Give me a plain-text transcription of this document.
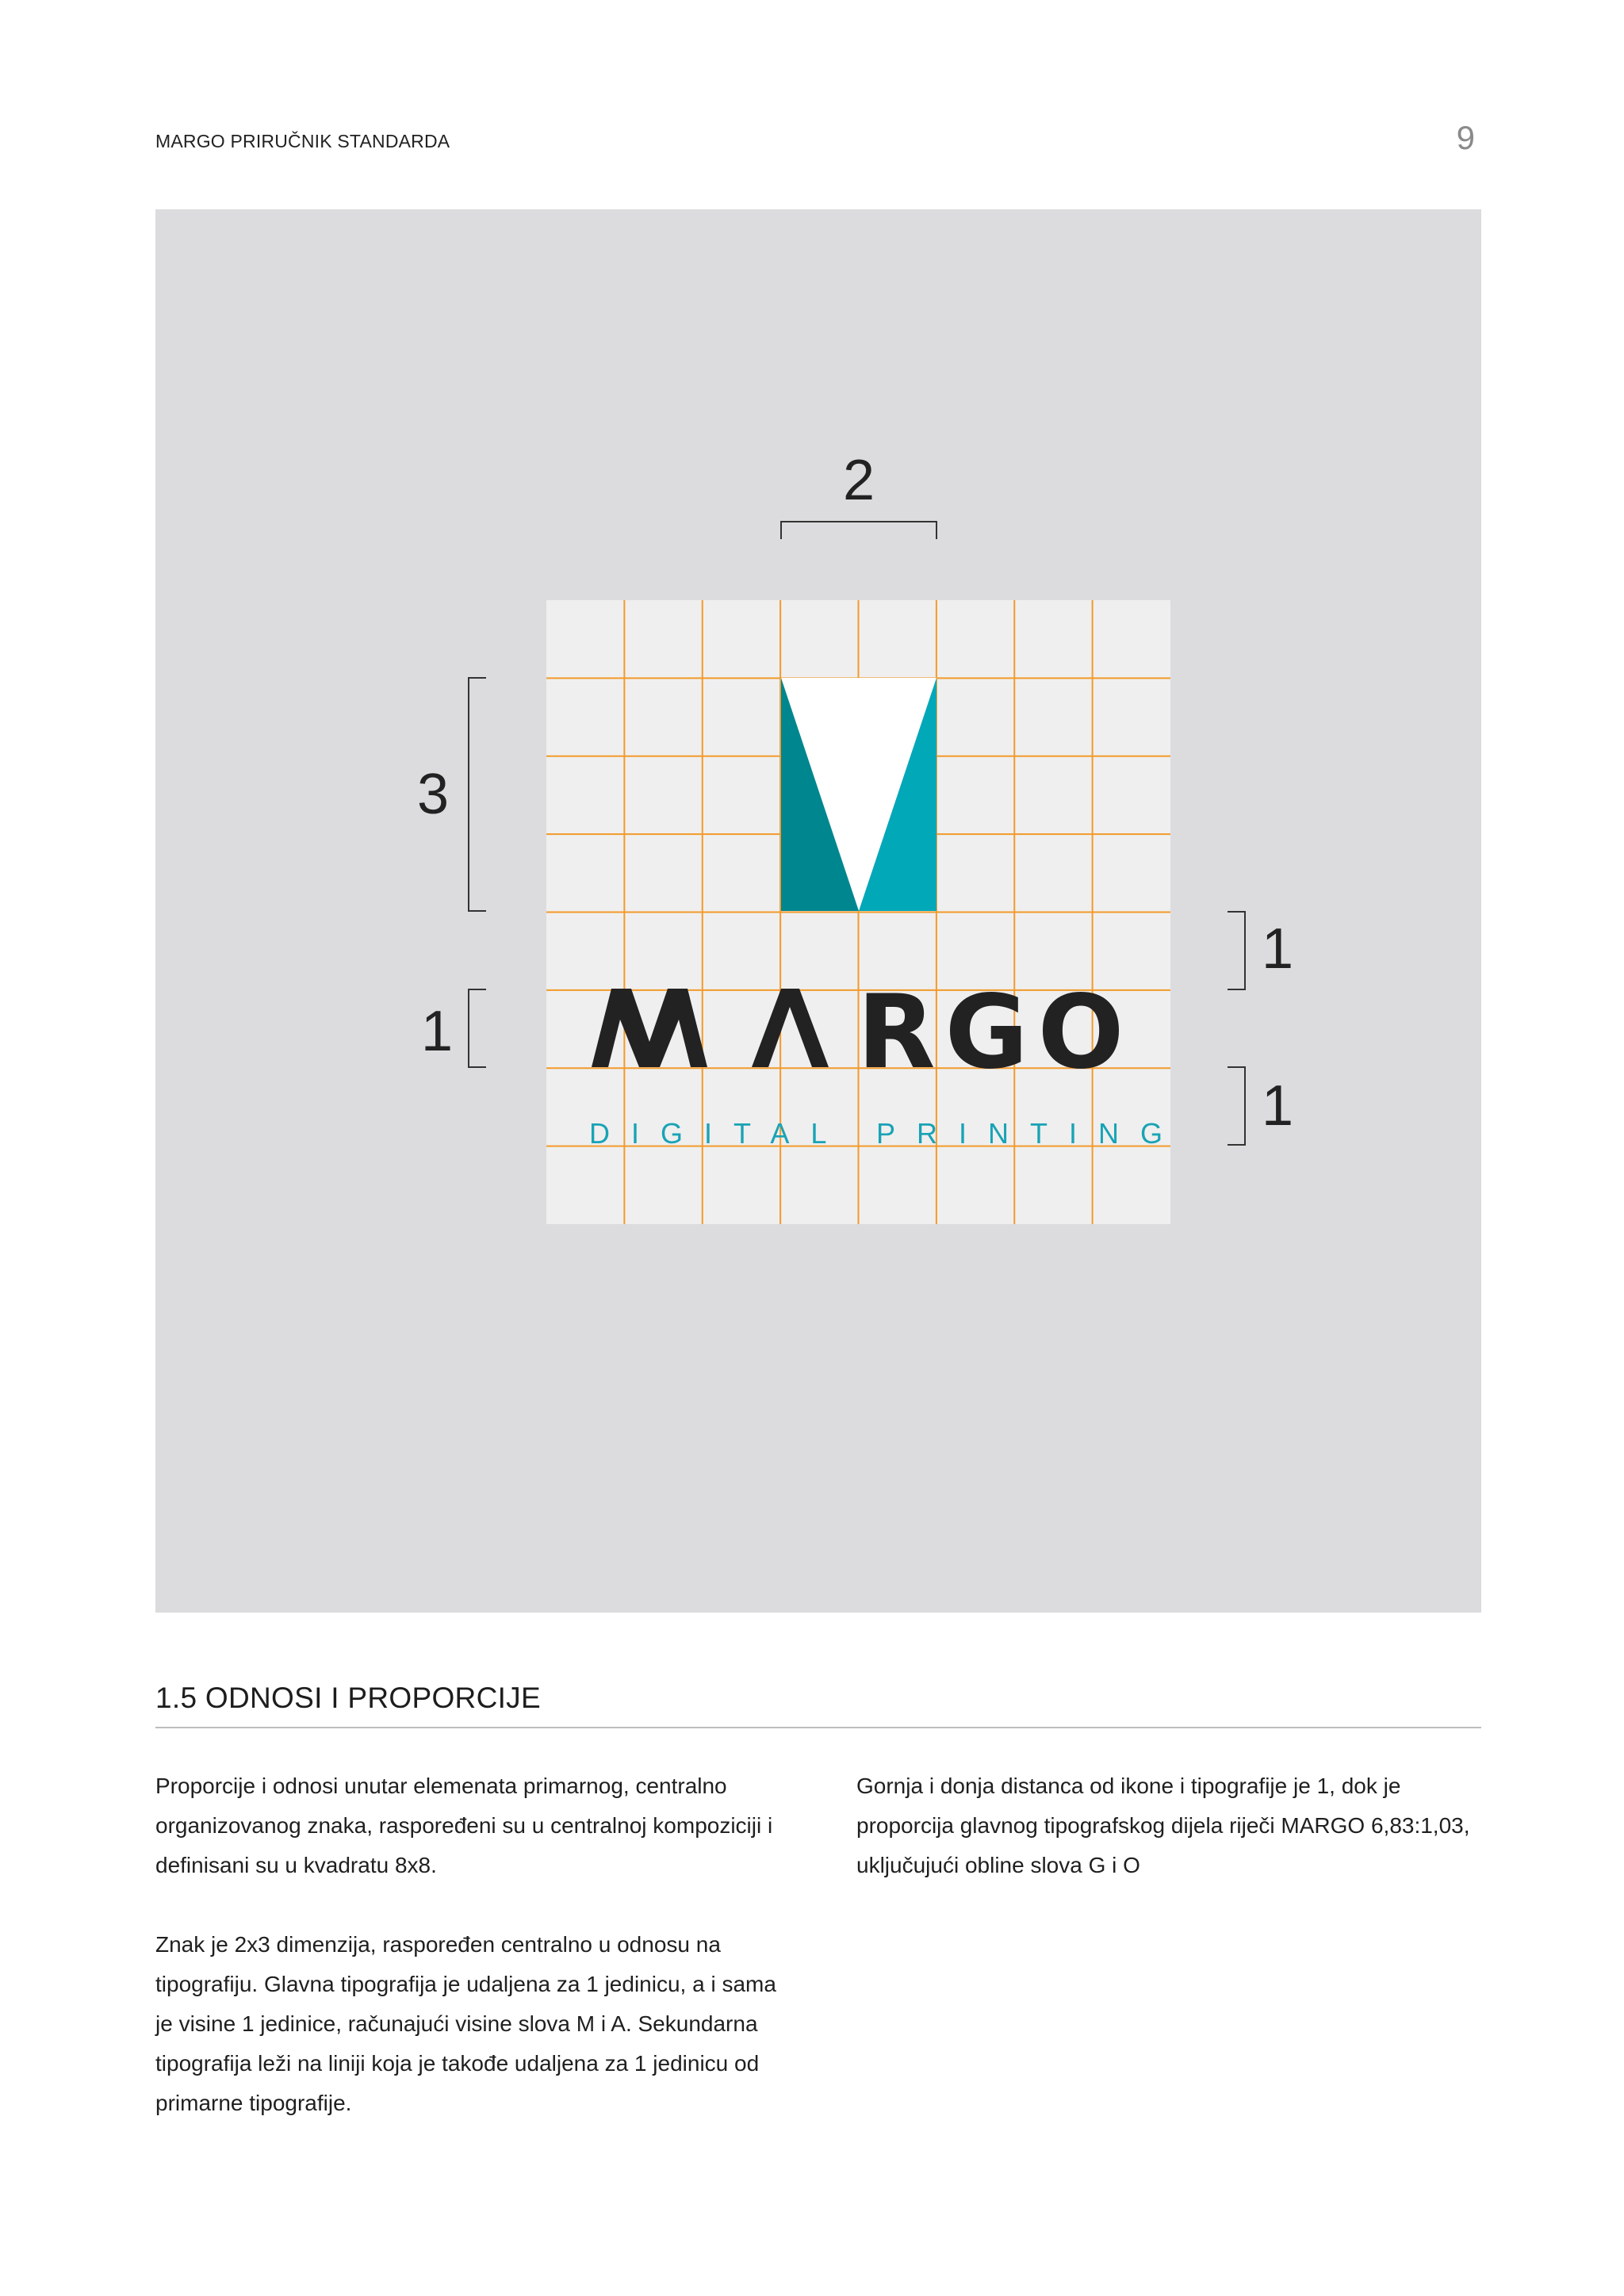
MARGO PRIRUČNIK STANDARDA	9
RGO
DIGITAL PRINTING
2
3
1
1
1
1.5 ODNOSI I PROPORCIJE

Proporcije i odnosi unutar elemenata primarnog, centralno organizovanog znaka, raspoređeni su u centralnoj kompoziciji i definisani su u kvadratu 8x8.

Znak je 2x3 dimenzija, raspoređen centralno u odnosu na tipografiju. Glavna tipografija je udaljena za 1 jedinicu, a i sama je visine 1 jedinice, računajući visine slova M i A. Sekundarna tipografija leži na liniji koja je takođe udaljena za 1 jedinicu od primarne tipografije.

Gornja i donja distanca od ikone i tipografije je 1, dok je proporcija glavnog tipografskog dijela riječi MARGO 6,83:1,03, uključujući obline slova G i O
